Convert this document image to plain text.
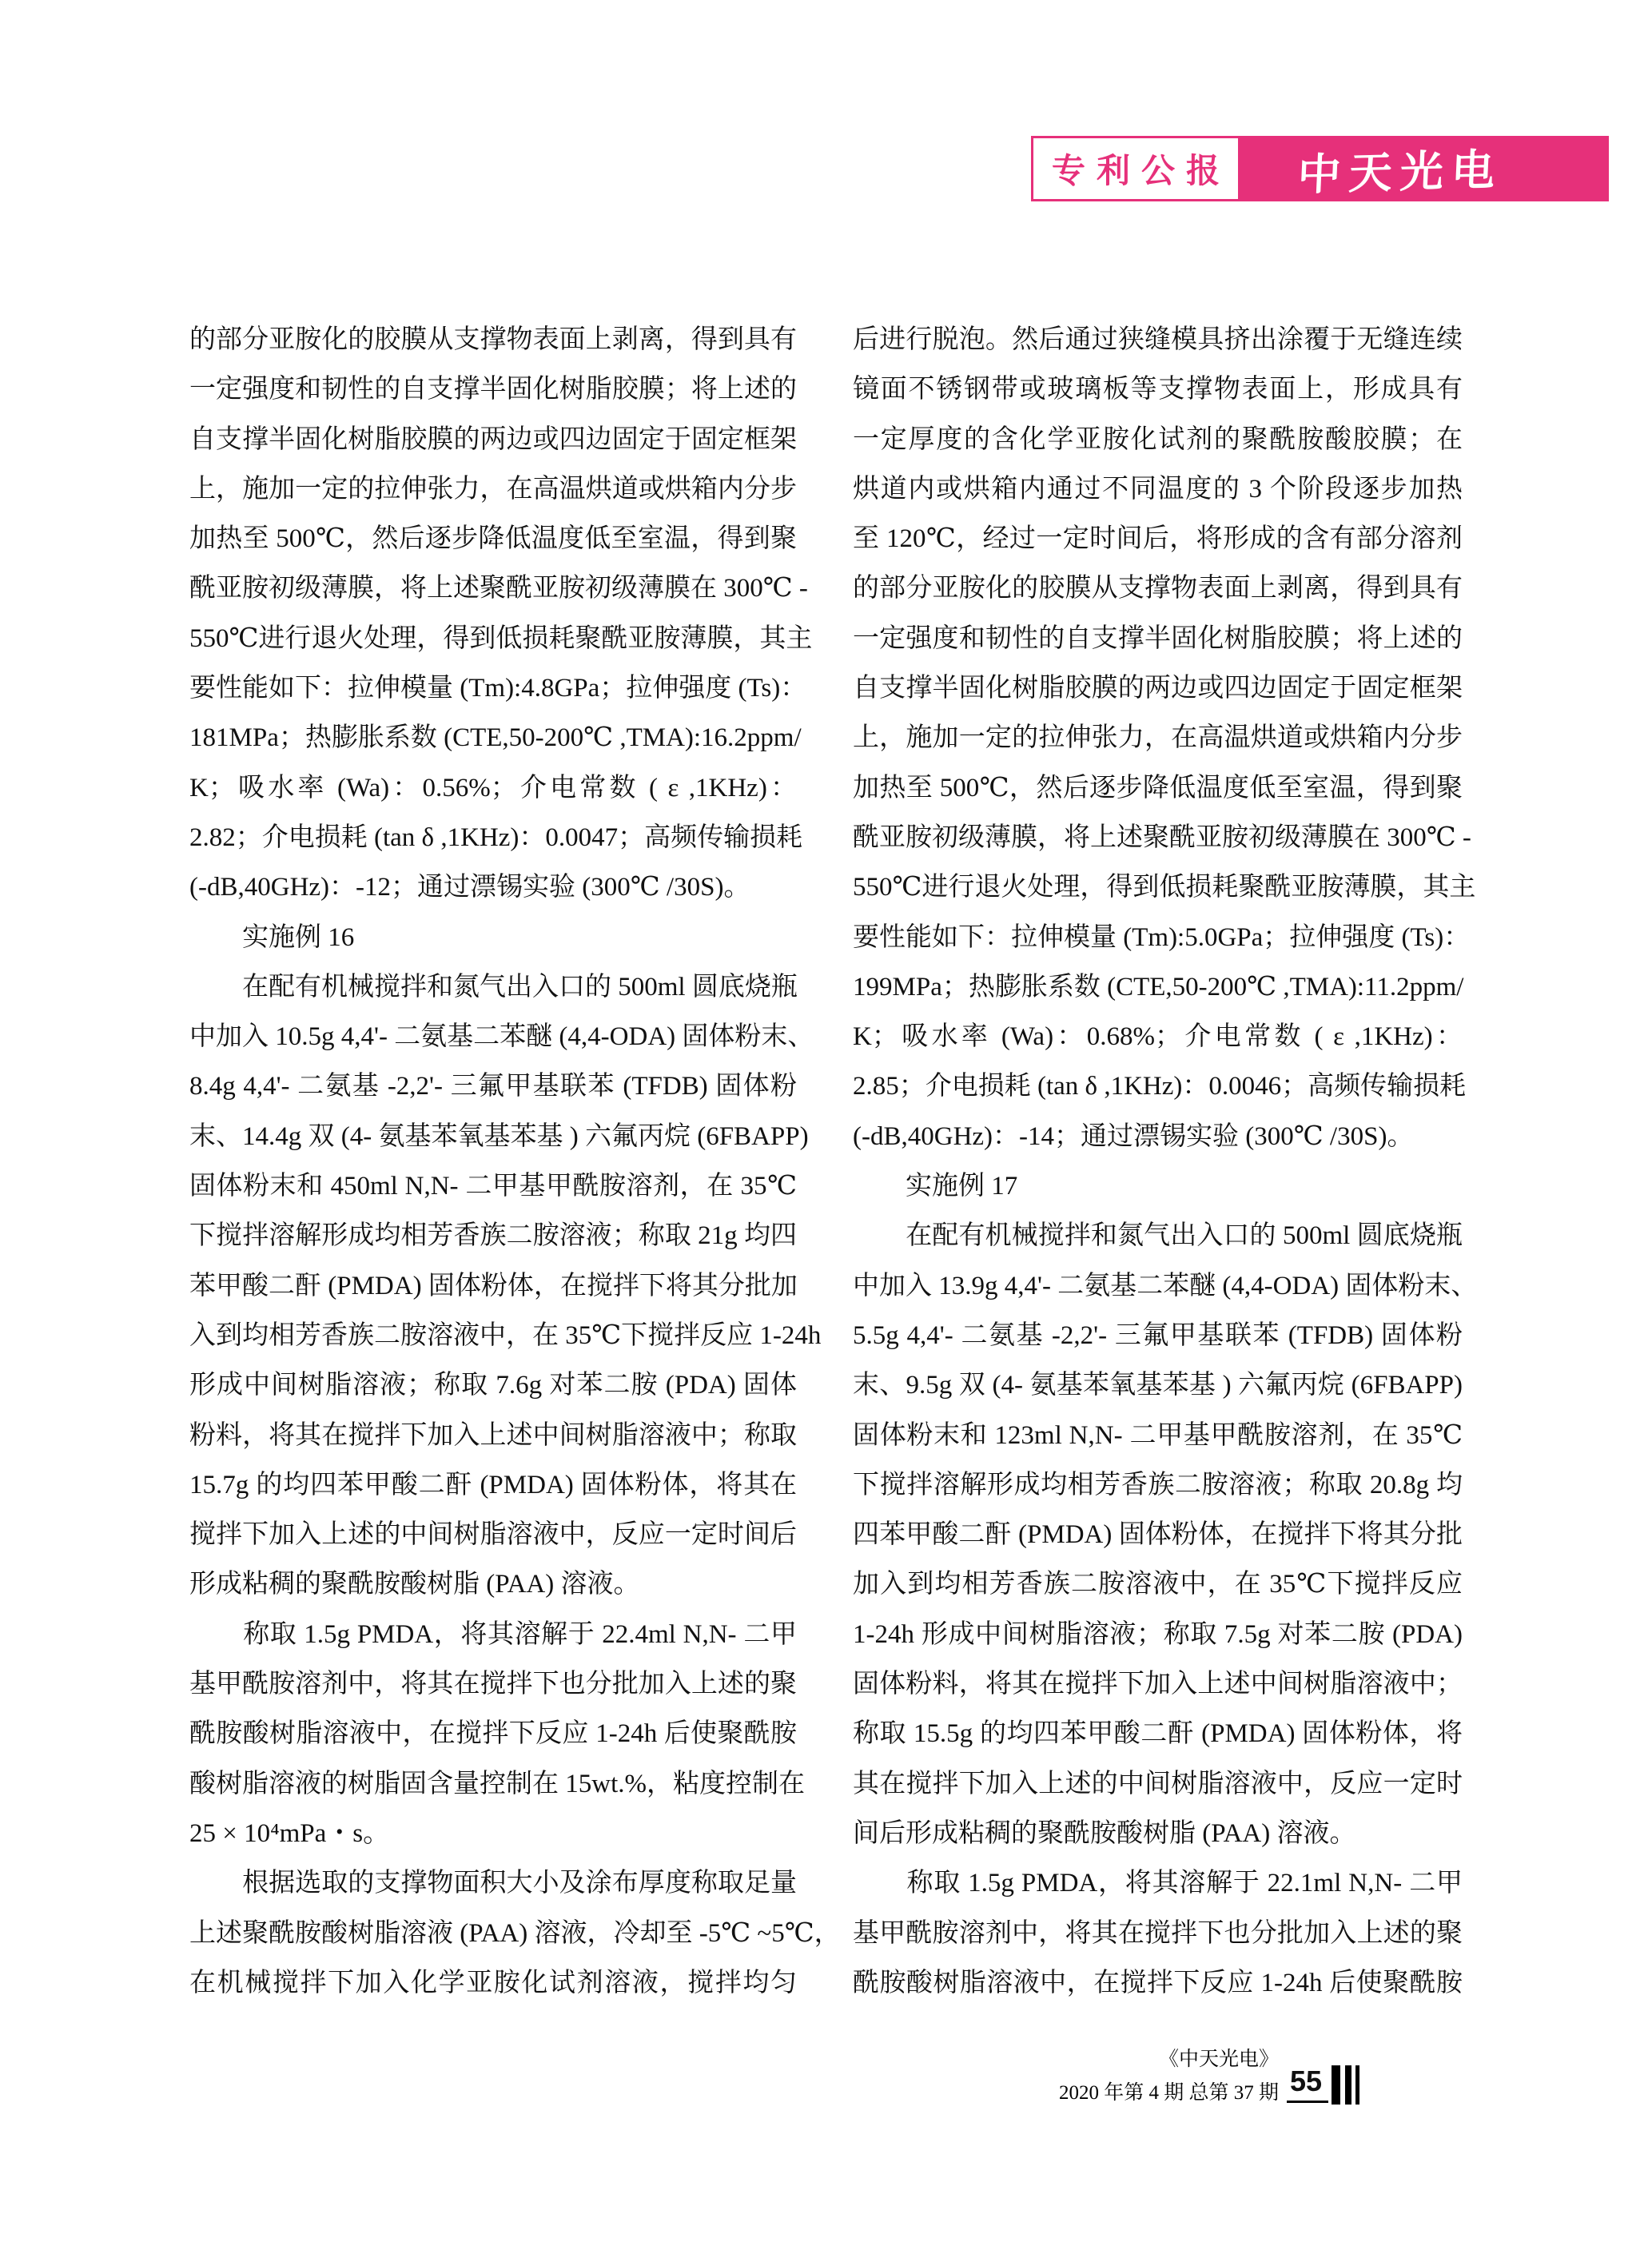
专利公报 中天光电
的部分亚胺化的胶膜从支撑物表面上剥离，得到具有
一定强度和韧性的自支撑半固化树脂胶膜；将上述的
自支撑半固化树脂胶膜的两边或四边固定于固定框架
上，施加一定的拉伸张力，在高温烘道或烘箱内分步
加热至 500℃，然后逐步降低温度低至室温，得到聚
酰亚胺初级薄膜，将上述聚酰亚胺初级薄膜在 300℃ -
550℃进行退火处理，得到低损耗聚酰亚胺薄膜，其主
要性能如下：拉伸模量 (Tm):4.8GPa；拉伸强度 (Ts)：
181MPa；热膨胀系数 (CTE,50-200℃ ,TMA):16.2ppm/
K；吸水率 (Wa)：0.56%；介电常数 ( ε ,1KHz)：
2.82；介电损耗 (tan δ ,1KHz)：0.0047；高频传输损耗
(-dB,40GHz)：-12；通过漂锡实验 (300℃ /30S)。
　　实施例 16
　　在配有机械搅拌和氮气出入口的 500ml 圆底烧瓶
中加入 10.5g 4,4'- 二氨基二苯醚 (4,4-ODA) 固体粉末、
8.4g 4,4'- 二氨基 -2,2'- 三氟甲基联苯 (TFDB) 固体粉
末、14.4g 双 (4- 氨基苯氧基苯基 ) 六氟丙烷 (6FBAPP)
固体粉末和 450ml N,N- 二甲基甲酰胺溶剂，在 35℃
下搅拌溶解形成均相芳香族二胺溶液；称取 21g 均四
苯甲酸二酐 (PMDA) 固体粉体，在搅拌下将其分批加
入到均相芳香族二胺溶液中，在 35℃下搅拌反应 1-24h
形成中间树脂溶液；称取 7.6g 对苯二胺 (PDA) 固体
粉料，将其在搅拌下加入上述中间树脂溶液中；称取
15.7g 的均四苯甲酸二酐 (PMDA) 固体粉体，将其在
搅拌下加入上述的中间树脂溶液中，反应一定时间后
形成粘稠的聚酰胺酸树脂 (PAA) 溶液。
　　称取 1.5g PMDA，将其溶解于 22.4ml N,N- 二甲
基甲酰胺溶剂中，将其在搅拌下也分批加入上述的聚
酰胺酸树脂溶液中，在搅拌下反应 1-24h 后使聚酰胺
酸树脂溶液的树脂固含量控制在 15wt.%，粘度控制在
25 × 10⁴mPa・s。
　　根据选取的支撑物面积大小及涂布厚度称取足量
上述聚酰胺酸树脂溶液 (PAA) 溶液，冷却至 -5℃ ~5℃，
在机械搅拌下加入化学亚胺化试剂溶液，搅拌均匀
后进行脱泡。然后通过狭缝模具挤出涂覆于无缝连续
镜面不锈钢带或玻璃板等支撑物表面上，形成具有
一定厚度的含化学亚胺化试剂的聚酰胺酸胶膜；在
烘道内或烘箱内通过不同温度的 3 个阶段逐步加热
至 120℃，经过一定时间后，将形成的含有部分溶剂
的部分亚胺化的胶膜从支撑物表面上剥离，得到具有
一定强度和韧性的自支撑半固化树脂胶膜；将上述的
自支撑半固化树脂胶膜的两边或四边固定于固定框架
上，施加一定的拉伸张力，在高温烘道或烘箱内分步
加热至 500℃，然后逐步降低温度低至室温，得到聚
酰亚胺初级薄膜，将上述聚酰亚胺初级薄膜在 300℃ -
550℃进行退火处理，得到低损耗聚酰亚胺薄膜，其主
要性能如下：拉伸模量 (Tm):5.0GPa；拉伸强度 (Ts)：
199MPa；热膨胀系数 (CTE,50-200℃ ,TMA):11.2ppm/
K；吸水率 (Wa)：0.68%；介电常数 ( ε ,1KHz)：
2.85；介电损耗 (tan δ ,1KHz)：0.0046；高频传输损耗
(-dB,40GHz)：-14；通过漂锡实验 (300℃ /30S)。
　　实施例 17
　　在配有机械搅拌和氮气出入口的 500ml 圆底烧瓶
中加入 13.9g 4,4'- 二氨基二苯醚 (4,4-ODA) 固体粉末、
5.5g 4,4'- 二氨基 -2,2'- 三氟甲基联苯 (TFDB) 固体粉
末、9.5g 双 (4- 氨基苯氧基苯基 ) 六氟丙烷 (6FBAPP)
固体粉末和 123ml N,N- 二甲基甲酰胺溶剂，在 35℃
下搅拌溶解形成均相芳香族二胺溶液；称取 20.8g 均
四苯甲酸二酐 (PMDA) 固体粉体，在搅拌下将其分批
加入到均相芳香族二胺溶液中，在 35℃下搅拌反应
1-24h 形成中间树脂溶液；称取 7.5g 对苯二胺 (PDA)
固体粉料，将其在搅拌下加入上述中间树脂溶液中；
称取 15.5g 的均四苯甲酸二酐 (PMDA) 固体粉体，将
其在搅拌下加入上述的中间树脂溶液中，反应一定时
间后形成粘稠的聚酰胺酸树脂 (PAA) 溶液。
　　称取 1.5g PMDA，将其溶解于 22.1ml N,N- 二甲
基甲酰胺溶剂中，将其在搅拌下也分批加入上述的聚
酰胺酸树脂溶液中，在搅拌下反应 1-24h 后使聚酰胺
《中天光电》
2020 年第 4 期 总第 37 期 55
